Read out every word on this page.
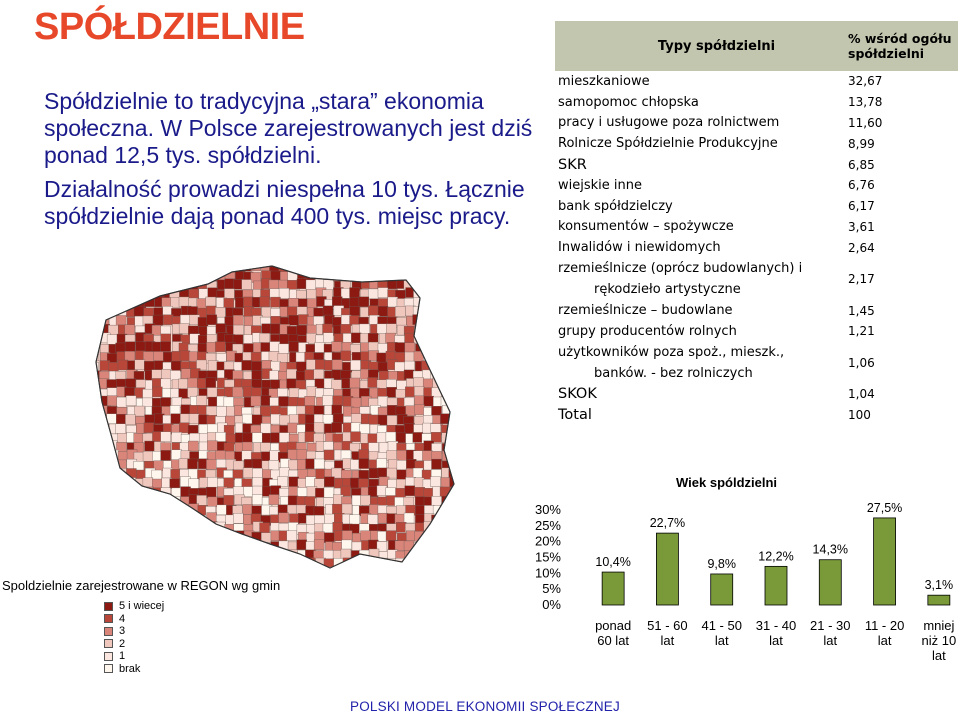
SPÓŁDZIELNIE

Spółdzielnie to tradycyjna „stara” ekonomia społeczna. W Polsce zarejestrowanych jest dziś ponad 12,5 tys. spółdzielni.

Działalność prowadzi niespełna 10 tys. Łącznie spółdzielnie dają ponad 400 tys. miejsc pracy.

Spoldzielnie zarejestrowane w REGON wg gmin
5 i wiecej
4
3
2
1
brak
Typy spółdzielni	% wśród ogółu spółdzielni
mieszkaniowe	32,67
samopomoc chłopska	13,78
pracy i usługowe poza rolnictwem	11,60
Rolnicze Spółdzielnie Produkcyjne	8,99
SKR	6,85
wiejskie inne	6,76
bank spółdzielczy	6,17
konsumentów – spożywcze	3,61
Inwalidów i niewidomych	2,64
rzemieślnicze (oprócz budowlanych) i
rękodzieło artystyczne	2,17
rzemieślnicze – budowlane	1,45
grupy producentów rolnych	1,21
użytkowników poza spoż., mieszk.,
banków. - bez rolniczych	1,06
SKOK	1,04
Total	100
Wiek spóldzielni
0%
5%
10%
15%
20%
25%
30%
10,4%
ponad
60 lat
22,7%
51 - 60
lat
9,8%
41 - 50
lat
12,2%
31 - 40
lat
14,3%
21 - 30
lat
27,5%
11 - 20
lat
3,1%
mniej
niż 10
lat
POLSKI MODEL EKONOMII SPOŁECZNEJ
